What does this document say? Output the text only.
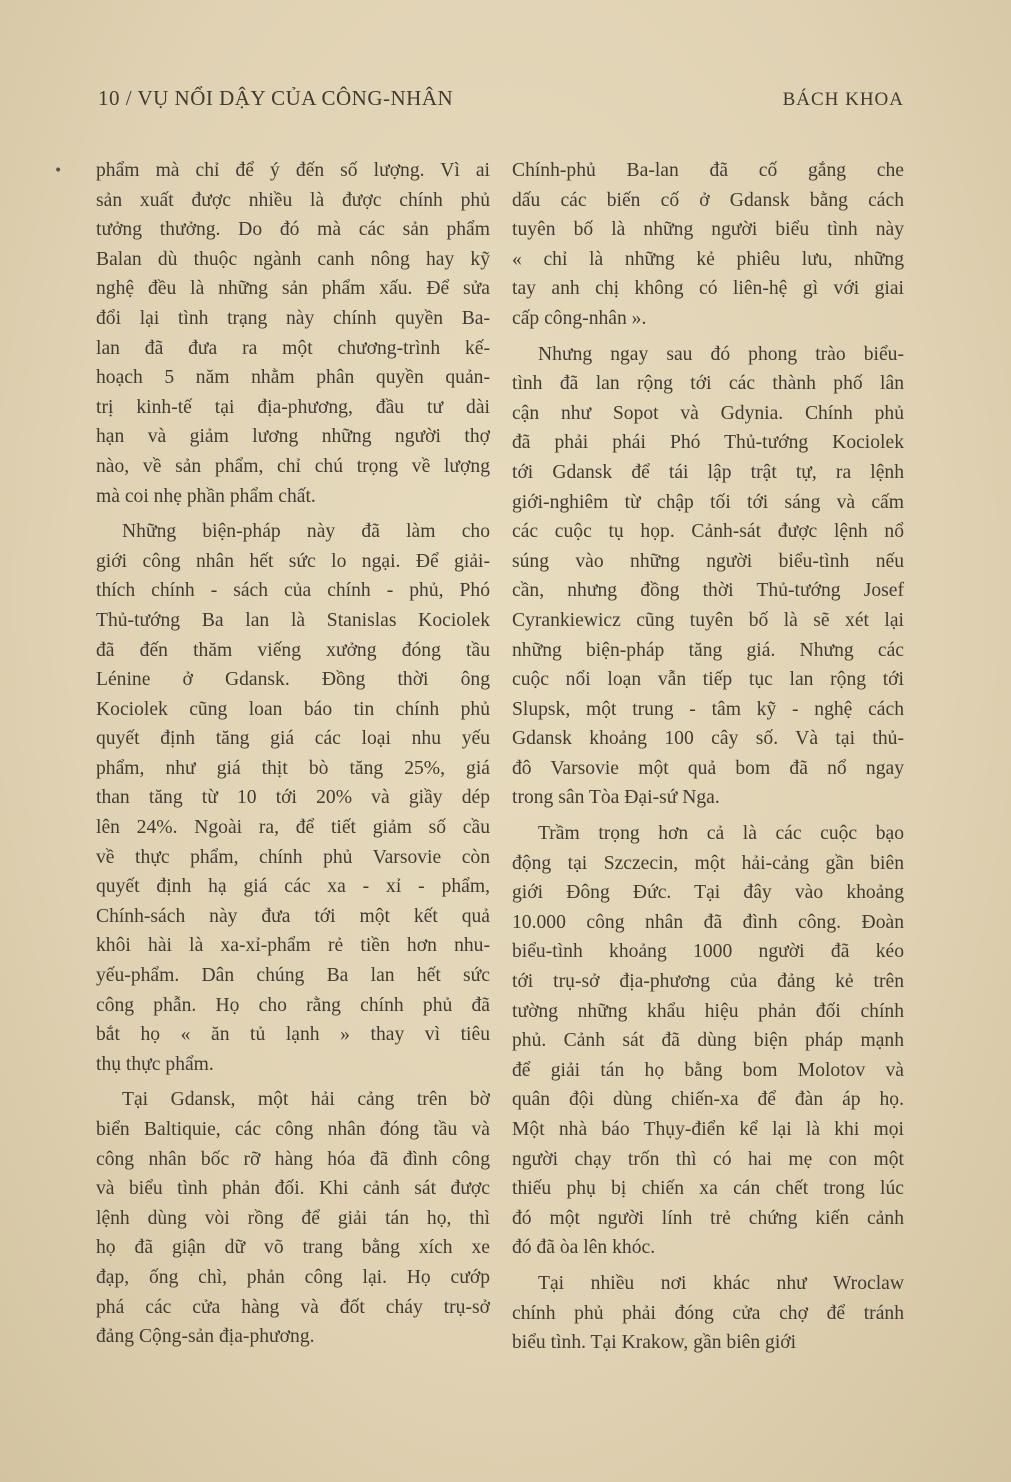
10 / VỤ NỔI DẬY CỦA CÔNG-NHÂN	BÁCH KHOA
• phẩm mà chỉ để ý đến số lượng. Vì ai
sản xuất được nhiều là được chính phủ
tưởng thưởng. Do đó mà các sản phẩm
Balan dù thuộc ngành canh nông hay kỹ
nghệ đều là những sản phẩm xấu. Để sửa
đổi lại tình trạng này chính quyền Ba-
lan đã đưa ra một chương-trình kế-
hoạch 5 năm nhằm phân quyền quản-
trị kinh-tế tại địa-phương, đầu tư dài
hạn và giảm lương những người thợ
nào, về sản phẩm, chỉ chú trọng về lượng
mà coi nhẹ phần phẩm chất.
Những biện-pháp này đã làm cho
giới công nhân hết sức lo ngại. Để giải-
thích chính - sách của chính - phủ, Phó
Thủ-tướng Ba lan là Stanislas Kociolek
đã đến thăm viếng xưởng đóng tầu
Lénine ở Gdansk. Đồng thời ông
Kociolek cũng loan báo tin chính phủ
quyết định tăng giá các loại nhu yếu
phẩm, như giá thịt bò tăng 25%, giá
than tăng từ 10 tới 20% và giầy dép
lên 24%. Ngoài ra, để tiết giảm số cầu
về thực phẩm, chính phủ Varsovie còn
quyết định hạ giá các xa - xỉ - phẩm,
Chính-sách này đưa tới một kết quả
khôi hài là xa-xỉ-phẩm rẻ tiền hơn nhu-
yếu-phẩm. Dân chúng Ba lan hết sức
công phẫn. Họ cho rằng chính phủ đã
bắt họ « ăn tủ lạnh » thay vì tiêu
thụ thực phẩm.
Tại Gdansk, một hải cảng trên bờ
biển Baltiquie, các công nhân đóng tầu và
công nhân bốc rỡ hàng hóa đã đình công
và biểu tình phản đối. Khi cảnh sát được
lệnh dùng vòi rồng để giải tán họ, thì
họ đã giận dữ võ trang bằng xích xe
đạp, ống chì, phản công lại. Họ cướp
phá các cửa hàng và đốt cháy trụ-sở
đảng Cộng-sản địa-phương.
Chính-phủ Ba-lan đã cố gắng che
dấu các biến cố ở Gdansk bằng cách
tuyên bố là những người biểu tình này
« chỉ là những kẻ phiêu lưu, những
tay anh chị không có liên-hệ gì với giai
cấp công-nhân ».
Nhưng ngay sau đó phong trào biểu-
tình đã lan rộng tới các thành phố lân
cận như Sopot và Gdynia. Chính phủ
đã phải phái Phó Thủ-tướng Kociolek
tới Gdansk để tái lập trật tự, ra lệnh
giới-nghiêm từ chập tối tới sáng và cấm
các cuộc tụ họp. Cảnh-sát được lệnh nổ
súng vào những người biểu-tình nếu
cần, nhưng đồng thời Thủ-tướng Josef
Cyrankiewicz cũng tuyên bố là sẽ xét lại
những biện-pháp tăng giá. Nhưng các
cuộc nổi loạn vẫn tiếp tục lan rộng tới
Slupsk, một trung - tâm kỹ - nghệ cách
Gdansk khoảng 100 cây số. Và tại thủ-
đô Varsovie một quả bom đã nổ ngay
trong sân Tòa Đại-sứ Nga.
Trầm trọng hơn cả là các cuộc bạo
động tại Szczecin, một hải-cảng gần biên
giới Đông Đức. Tại đây vào khoảng
10.000 công nhân đã đình công. Đoàn
biểu-tình khoảng 1000 người đã kéo
tới trụ-sở địa-phương của đảng kẻ trên
tường những khẩu hiệu phản đối chính
phủ. Cảnh sát đã dùng biện pháp mạnh
để giải tán họ bằng bom Molotov và
quân đội dùng chiến-xa để đàn áp họ.
Một nhà báo Thụy-điển kể lại là khi mọi
người chạy trốn thì có hai mẹ con một
thiếu phụ bị chiến xa cán chết trong lúc
đó một người lính trẻ chứng kiến cảnh
đó đã òa lên khóc.
Tại nhiều nơi khác như Wroclaw
chính phủ phải đóng cửa chợ để tránh
biểu tình. Tại Krakow, gần biên giới
